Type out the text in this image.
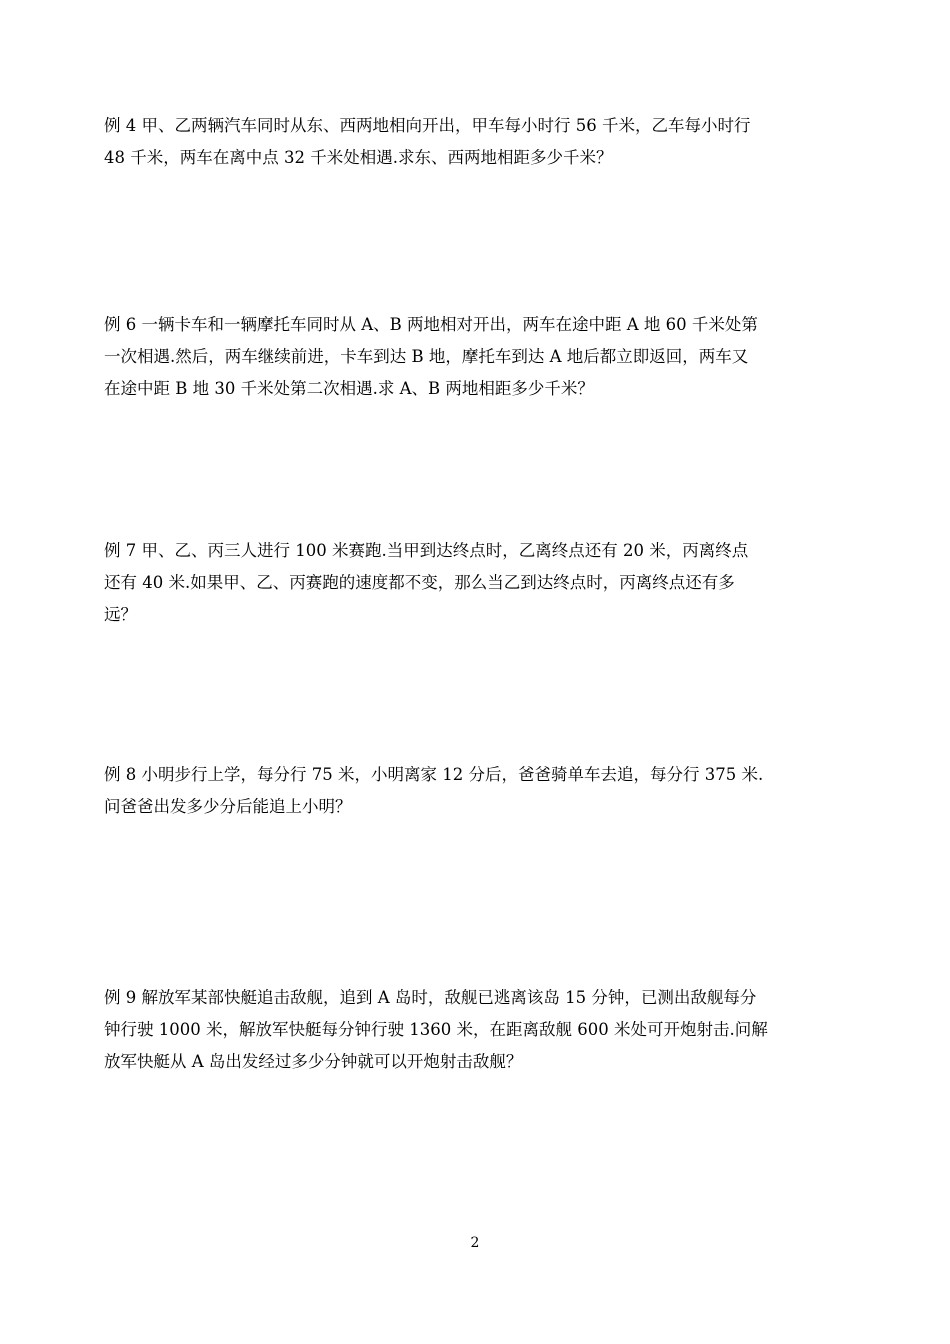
例 4 甲、乙两辆汽车同时从东、西两地相向开出，甲车每小时行 56 千米，乙车每小时行
48 千米，两车在离中点 32 千米处相遇.求东、西两地相距多少千米？
例 6 一辆卡车和一辆摩托车同时从 A、B 两地相对开出，两车在途中距 A 地 60 千米处第
一次相遇.然后，两车继续前进，卡车到达 B 地，摩托车到达 A 地后都立即返回，两车又
在途中距 B 地 30 千米处第二次相遇.求 A、B 两地相距多少千米？
例 7 甲、乙、丙三人进行 100 米赛跑.当甲到达终点时，乙离终点还有 20 米，丙离终点
还有 40 米.如果甲、乙、丙赛跑的速度都不变，那么当乙到达终点时，丙离终点还有多
远？
例 8 小明步行上学，每分行 75 米，小明离家 12 分后，爸爸骑单车去追，每分行 375 米.
问爸爸出发多少分后能追上小明？
例 9 解放军某部快艇追击敌舰，追到 A 岛时，敌舰已逃离该岛 15 分钟，已测出敌舰每分
钟行驶 1000 米，解放军快艇每分钟行驶 1360 米，在距离敌舰 600 米处可开炮射击.问解
放军快艇从 A 岛出发经过多少分钟就可以开炮射击敌舰？
2
